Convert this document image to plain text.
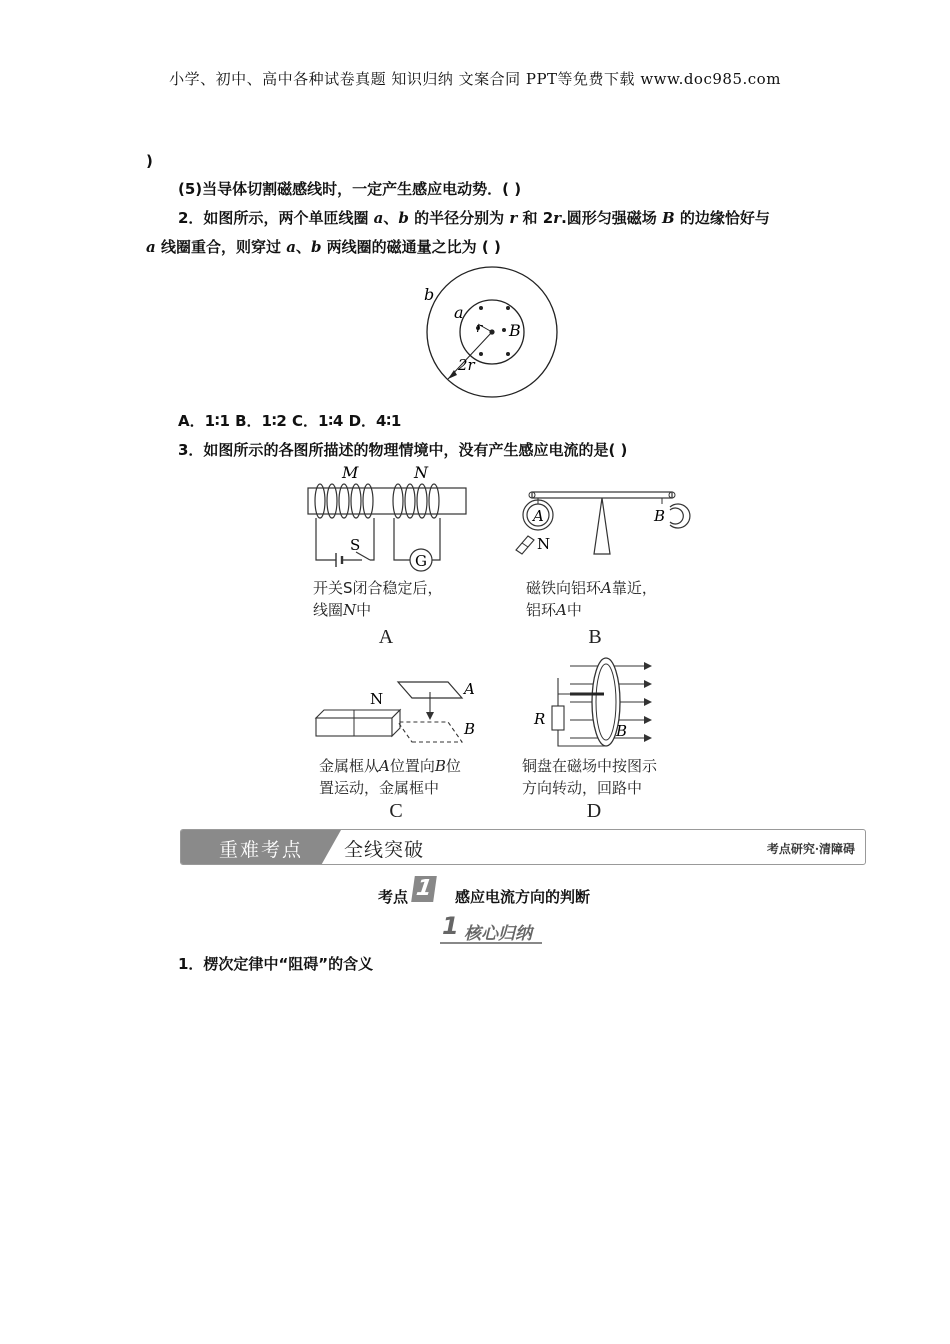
小学、初中、高中各种试卷真题 知识归纳 文案合同 PPT等免费下载 www.doc985.com
)
(5)当导体切割磁感线时，一定产生感应电动势．( )
2．如图所示，两个单匝线圈 a、b 的半径分别为 r 和 2r.圆形匀强磁场 B 的边缘恰好与
a 线圈重合，则穿过 a、b 两线圈的磁通量之比为 ( )
b
a
r B
2r
A．1∶1 B．1∶2 C．1∶4 D．4∶1
3．如图所示的各图所描述的物理情境中，没有产生感应电流的是( )
G
S
M	N
开关S闭合稳定后，
线圈N中
A
A	B
N
磁铁向铝环A靠近，
铝环A中
B
N
A
B
金属框从A位置向B位
置运动，金属框中
C
R
B
铜盘在磁场中按图示
方向转动，回路中
D
重难考点 全线突破	考点研究·清障碍
考点 1 感应电流方向的判断
1 核心归纳
1．楞次定律中“阻碍”的含义
